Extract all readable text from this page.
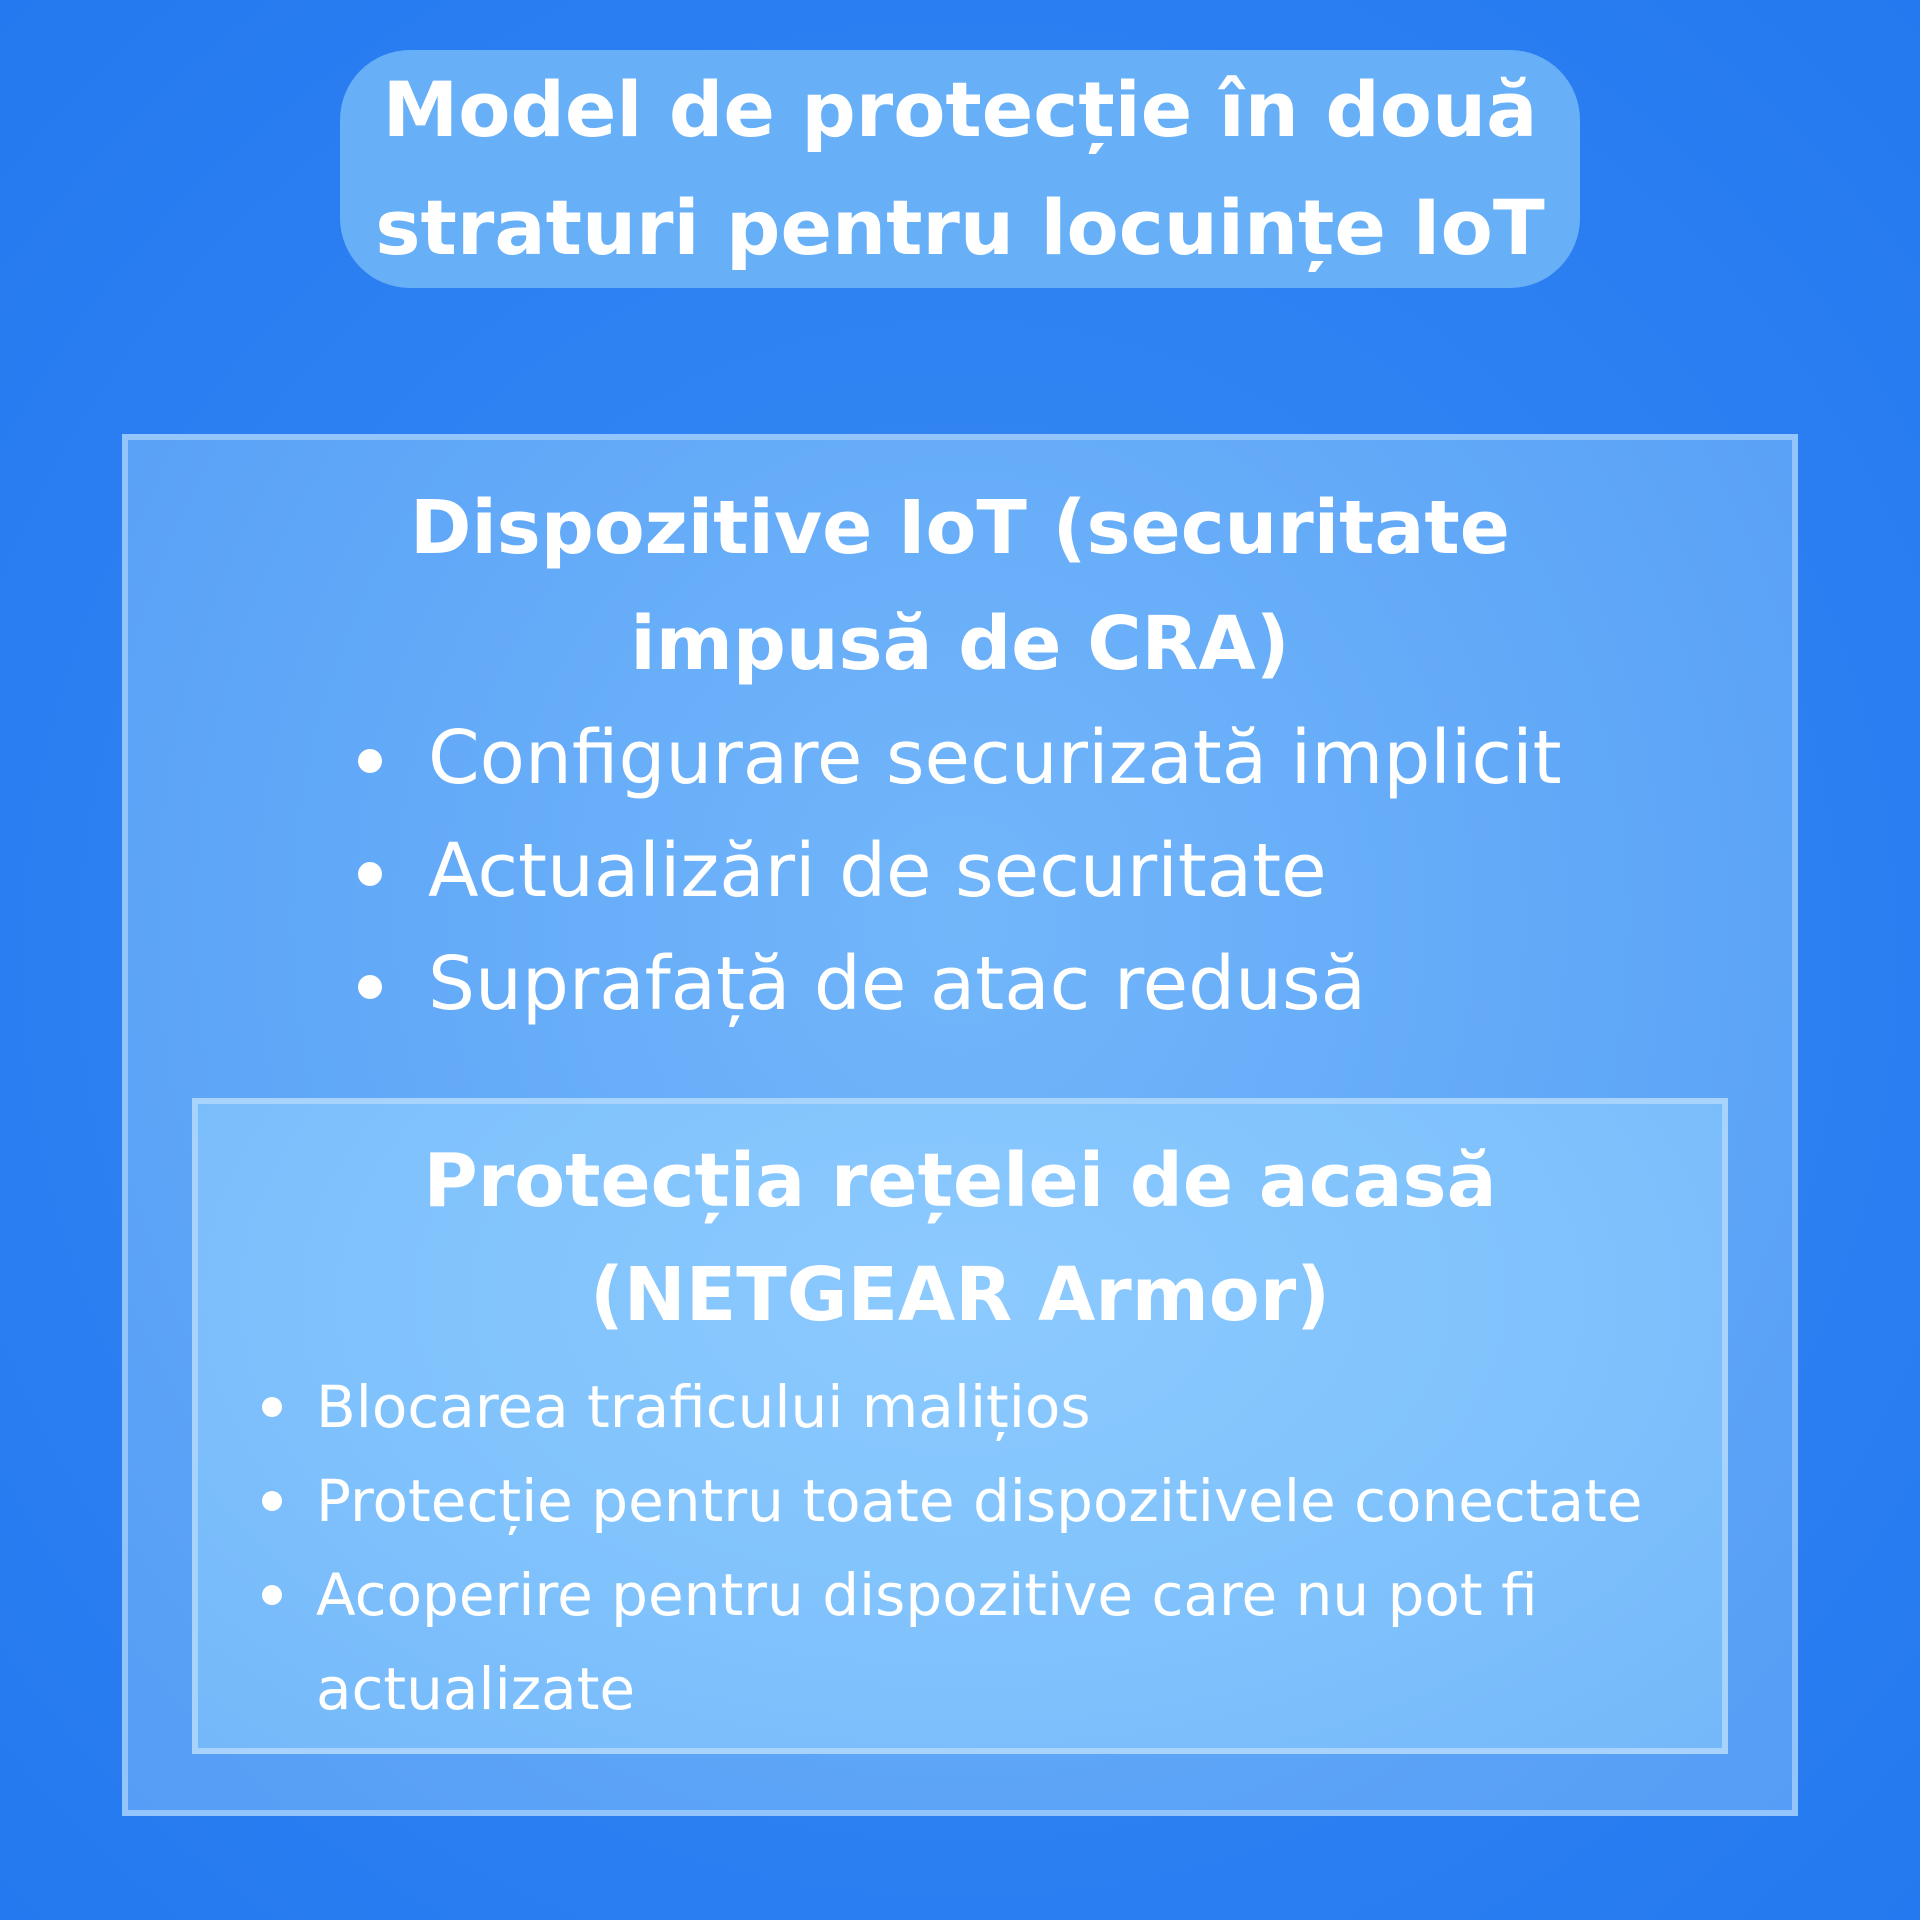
Model de protecție în două
straturi pentru locuințe IoT
Dispozitive IoT (securitate
impusă de CRA)
Configurare securizată implicit
Actualizări de securitate
Suprafață de atac redusă
Protecția rețelei de acasă
(NETGEAR Armor)
Blocarea traficului malițios
Protecție pentru toate dispozitivele conectate
Acoperire pentru dispozitive care nu pot fi actualizate
